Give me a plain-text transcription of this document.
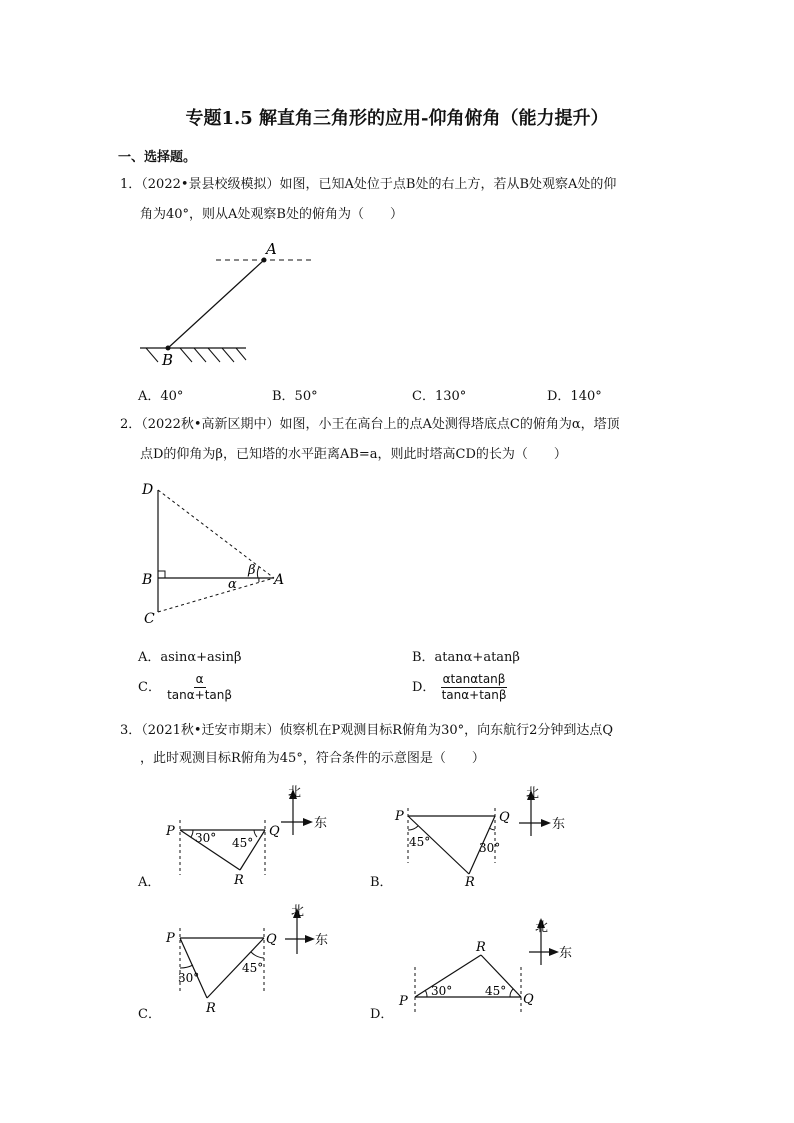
专题1.5 解直角三角形的应用-仰角俯角（能力提升）
一、选择题。
1．（2022•景县校级模拟）如图，已知A处位于点B处的右上方，若从B处观察A处的仰
角为40°，则从A处观察B处的俯角为（　　）
A
B
A．40°	B．50°	C．130°	D．140°
2．（2022秋•高新区期中）如图，小王在高台上的点A处测得塔底点C的俯角为α，塔顶
点D的仰角为β，已知塔的水平距离AB=a，则此时塔高CD的长为（　　）
D
B
C
A
β
α
A．asinα+asinβ	B．atanα+atanβ
C． $\frac{\alpha}{\tan\alpha+\tan\beta}$	D． $\frac{\alpha\tan\alpha\tan\beta}{\tan\alpha+\tan\beta}$
3．（2021秋•迁安市期末）侦察机在P观测目标R俯角为30°，向东航行2分钟到达点Q
，此时观测目标R俯角为45°，符合条件的示意图是（　　）
P	Q
R
30° 45°
北
东
A．
P	Q
R
45°	30°
北
东
B．
P	Q
R
30°
45°
北
东
C．
P	Q
R
30°	45°
北
东
D．
